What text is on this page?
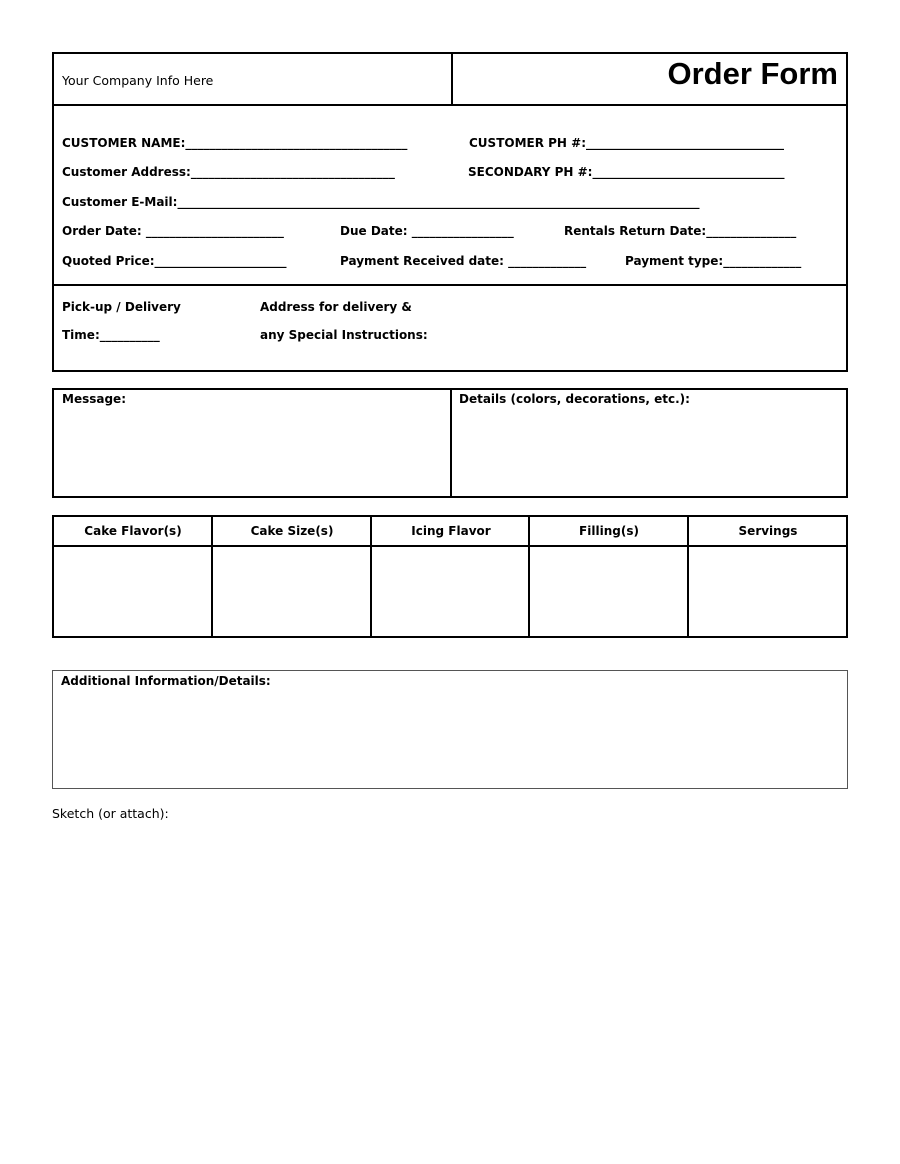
Your Company Info Here	Order Form
CUSTOMER NAME:_____________________________________	CUSTOMER PH #:_________________________________
Customer Address:__________________________________	SECONDARY PH #:________________________________
Customer E-Mail:_______________________________________________________________________________________
Order Date: _______________________	Due Date: _________________	Rentals Return Date:_______________
Quoted Price:______________________	Payment Received date: _____________	Payment type:_____________
Pick-up / Delivery
Time:__________
Address for delivery &
any Special Instructions:
Message:	Details (colors, decorations, etc.):
Cake Flavor(s)	Cake Size(s)	Icing Flavor	Filling(s)	Servings
Additional Information/Details:
Sketch (or attach):
